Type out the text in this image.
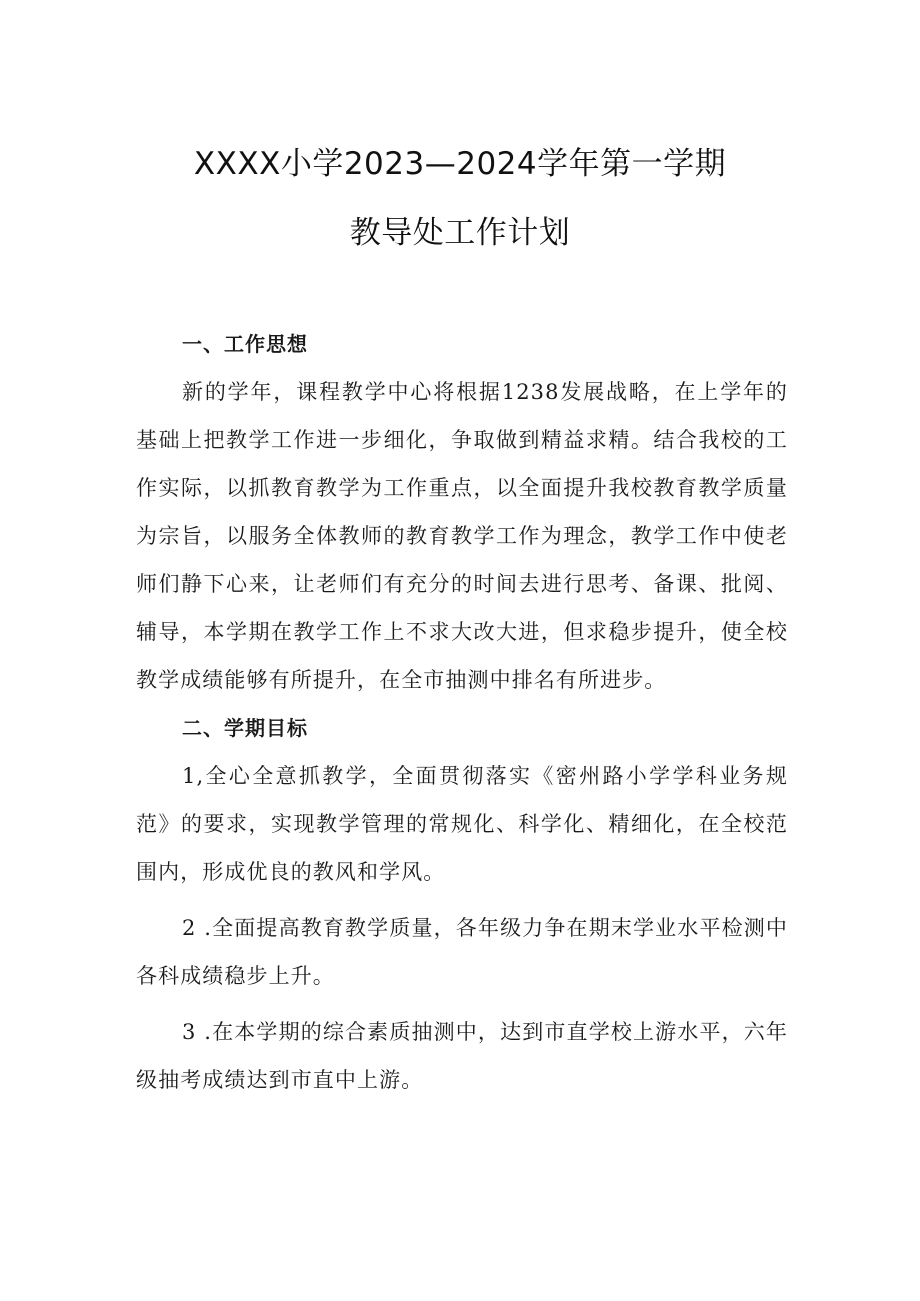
XXXX小学2023—2024学年第一学期
教导处工作计划

一、工作思想

新的学年，课程教学中心将根据1238发展战略，在上学年的基础上把教学工作进一步细化，争取做到精益求精。结合我校的工作实际，以抓教育教学为工作重点，以全面提升我校教育教学质量为宗旨，以服务全体教师的教育教学工作为理念，教学工作中使老师们静下心来，让老师们有充分的时间去进行思考、备课、批阅、辅导，本学期在教学工作上不求大改大进，但求稳步提升，使全校教学成绩能够有所提升，在全市抽测中排名有所进步。

二、学期目标

1,全心全意抓教学，全面贯彻落实《密州路小学学科业务规范》的要求，实现教学管理的常规化、科学化、精细化，在全校范围内，形成优良的教风和学风。

2 .全面提高教育教学质量，各年级力争在期末学业水平检测中各科成绩稳步上升。

3 .在本学期的综合素质抽测中，达到市直学校上游水平，六年级抽考成绩达到市直中上游。
